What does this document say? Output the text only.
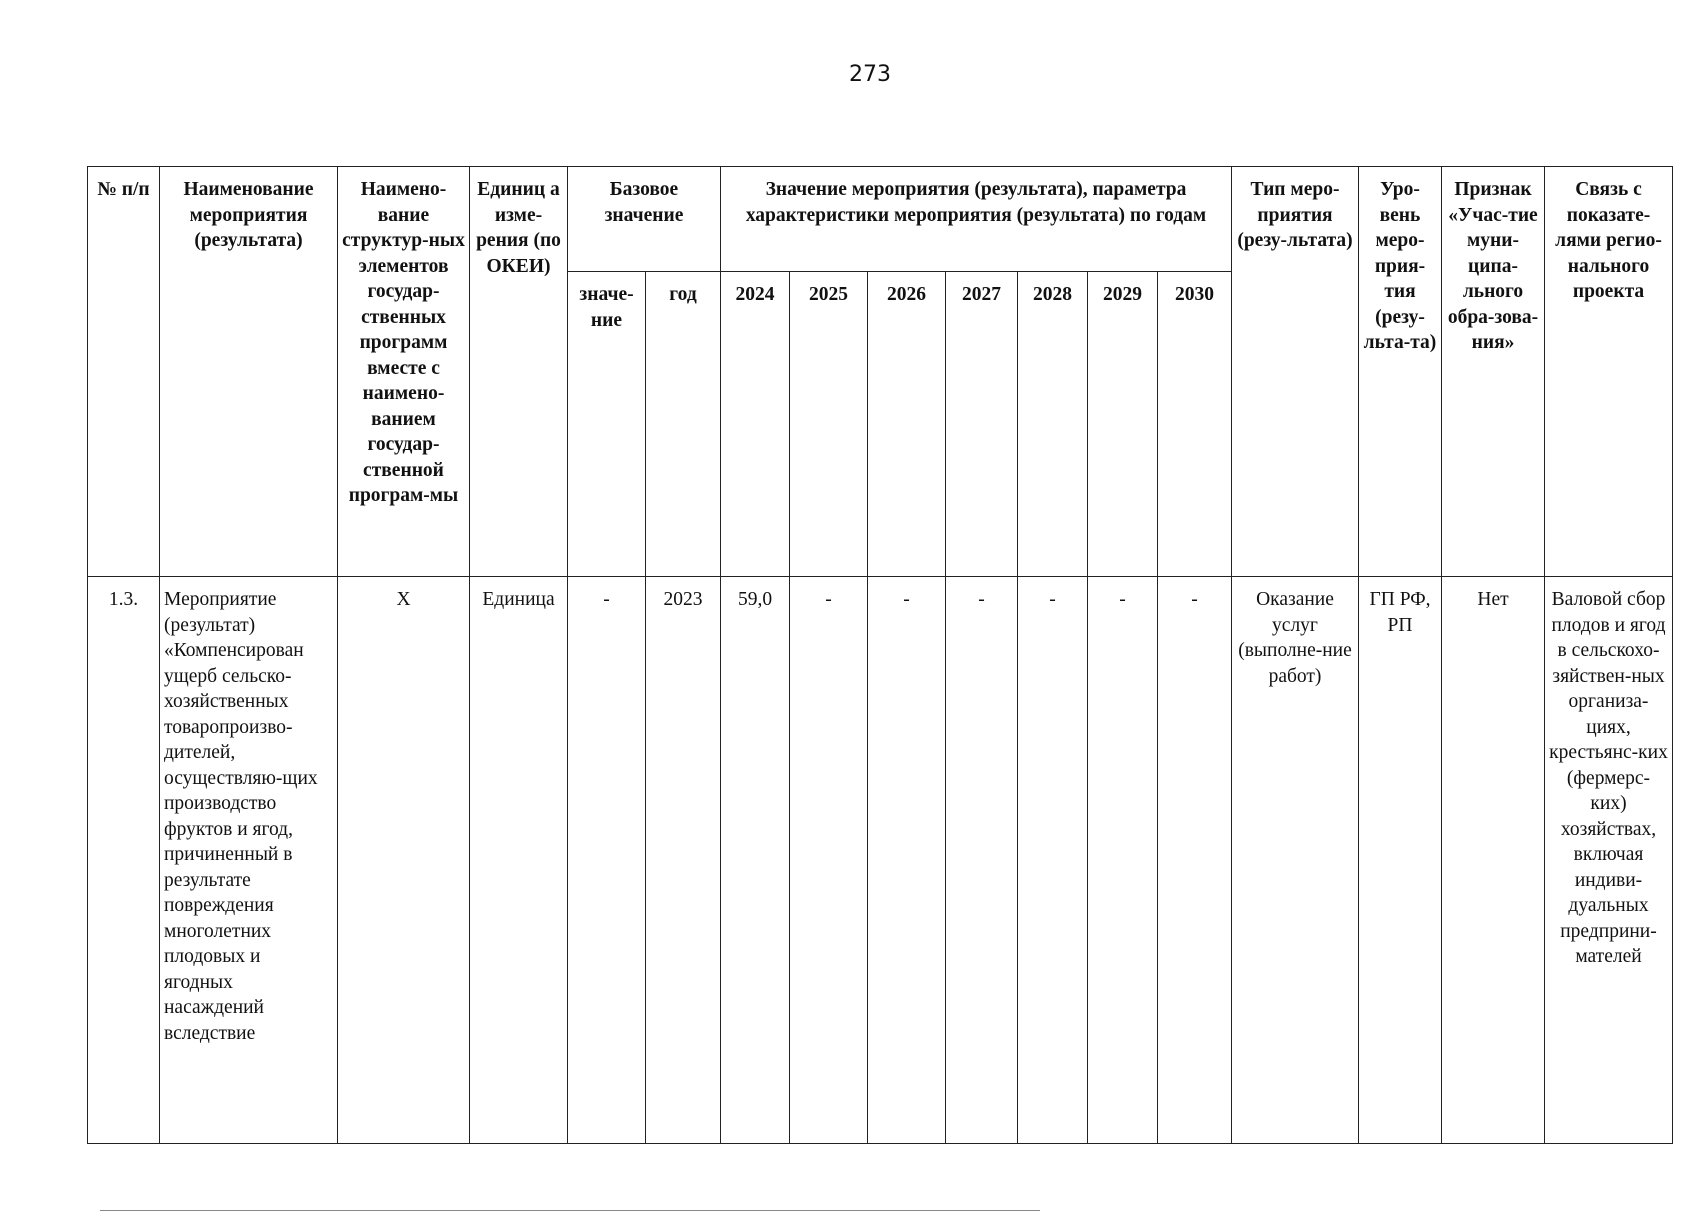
273
№ п/п	Наименование мероприятия (результата)	Наимено-вание структур-ных элементов государ-ственных программ вместе с наимено-ванием государ-ственной програм-мы	Единиц а изме-рения (по ОКЕИ)	Базовое значение		Значение мероприятия (результата), параметра характеристики мероприятия (результата) по годам							Тип меро-приятия (резу-льтата)	Уро-вень меро-прия-тия (резу-льта-та)	Признак «Учас-тие муни-ципа-льного обра-зова-ния»	Связь с показате-лями регио-нального проекта
				значе-ние	год	2024	2025	2026	2027	2028	2029	2030				
1.3.	Мероприятие (результат) «Компенсирован ущерб сельско-хозяйственных товаропроизво-дителей, осуществляю-щих производство фруктов и ягод, причиненный в результате повреждения многолетних плодовых и ягодных насаждений вследствие	X	Единица	-	2023	59,0	-	-	-	-	-	-	Оказание услуг (выполне-ние работ)	ГП РФ, РП	Нет	Валовой сбор плодов и ягод в сельскохо-зяйствен-ных организа-циях, крестьянс-ких (фермерс-ких) хозяйствах, включая индиви-дуальных предприни-мателей
